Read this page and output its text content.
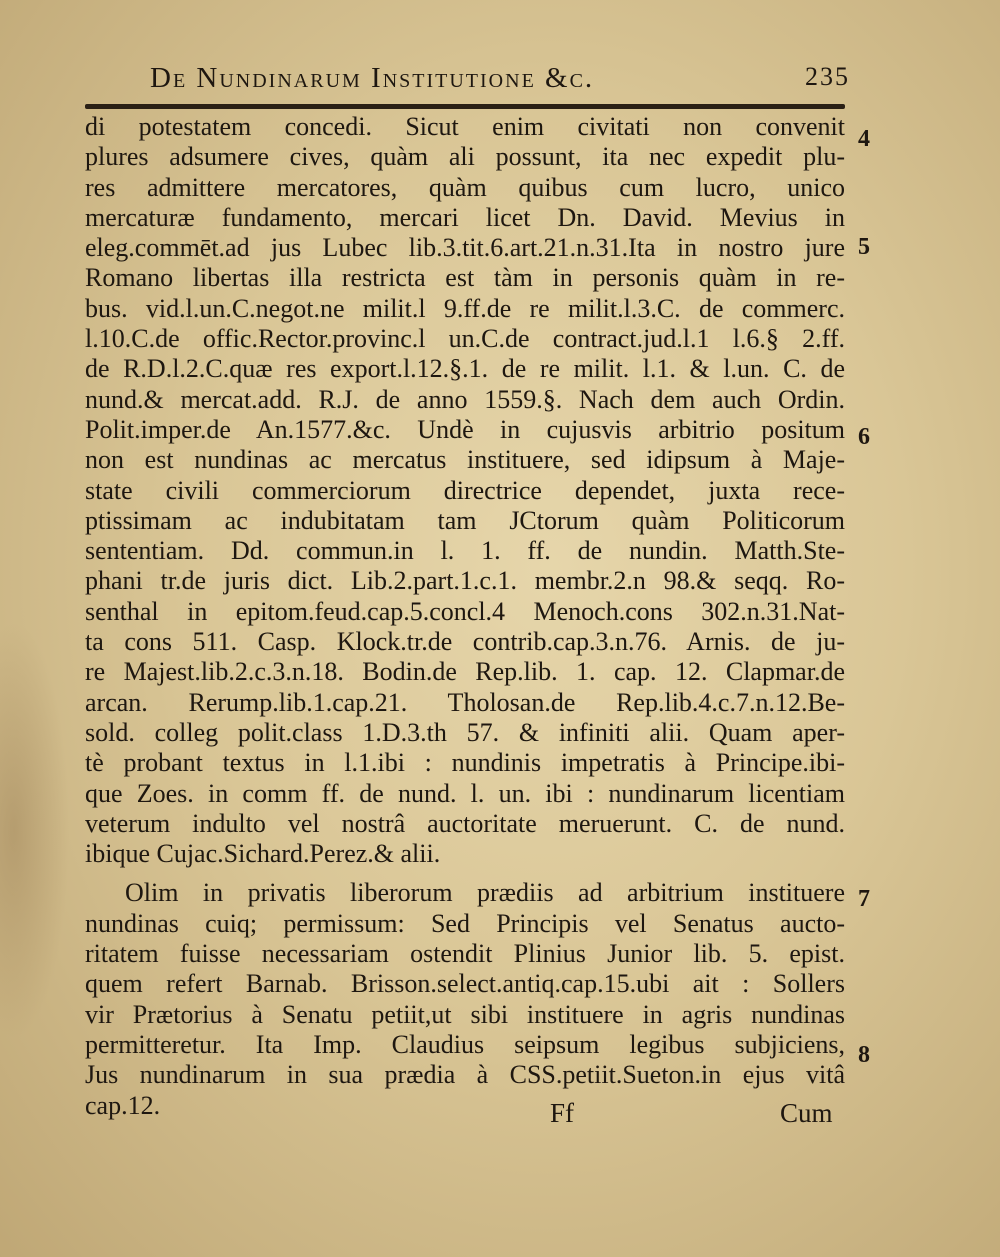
De Nundinarum Institutione &c.	235
di potestatem concedi. Sicut enim civitati non convenit
plures adsumere cives, quàm ali possunt, ita nec expedit plu-
res admittere mercatores, quàm quibus cum lucro, unico
mercaturæ fundamento, mercari licet Dn. David. Mevius in
eleg.commēt.ad jus Lubec lib.3.tit.6.art.21.n.31.Ita in nostro jure
Romano libertas illa restricta est tàm in personis quàm in re-
bus. vid.l.un.C.negot.ne milit.l 9.ff.de re milit.l.3.C. de commerc.
l.10.C.de offic.Rector.provinc.l un.C.de contract.jud.l.1 l.6.§ 2.ff.
de R.D.l.2.C.quæ res export.l.12.§.1. de re milit. l.1. & l.un. C. de
nund.& mercat.add. R.J. de anno 1559.§. Nach dem auch Ordin.
Polit.imper.de An.1577.&c. Undè in cujusvis arbitrio positum
non est nundinas ac mercatus instituere, sed idipsum à Maje-
state civili commerciorum directrice dependet, juxta rece-
ptissimam ac indubitatam tam JCtorum quàm Politicorum
sententiam. Dd. commun.in l. 1. ff. de nundin. Matth.Ste-
phani tr.de juris dict. Lib.2.part.1.c.1. membr.2.n 98.& seqq. Ro-
senthal in epitom.feud.cap.5.concl.4 Menoch.cons 302.n.31.Nat-
ta cons 511. Casp. Klock.tr.de contrib.cap.3.n.76. Arnis. de ju-
re Majest.lib.2.c.3.n.18. Bodin.de Rep.lib. 1. cap. 12. Clapmar.de
arcan. Rerump.lib.1.cap.21. Tholosan.de Rep.lib.4.c.7.n.12.Be-
sold. colleg polit.class 1.D.3.th 57. & infiniti alii. Quam aper-
tè probant textus in l.1.ibi : nundinis impetratis à Principe.ibi-
que Zoes. in comm ff. de nund. l. un. ibi : nundinarum licentiam
veterum indulto vel nostrâ auctoritate meruerunt. C. de nund.
ibique Cujac.Sichard.Perez.& alii.
Olim in privatis liberorum prædiis ad arbitrium instituere
nundinas cuiq; permissum: Sed Principis vel Senatus aucto-
ritatem fuisse necessariam ostendit Plinius Junior lib. 5. epist.
quem refert Barnab. Brisson.select.antiq.cap.15.ubi ait : Sollers
vir Prætorius à Senatu petiit,ut sibi instituere in agris nundinas
permitteretur. Ita Imp. Claudius seipsum legibus subjiciens,
Jus nundinarum in sua prædia à CSS.petiit.Sueton.in ejus vitâ
cap.12.
4
5
6
7
8
Ff	Cum
